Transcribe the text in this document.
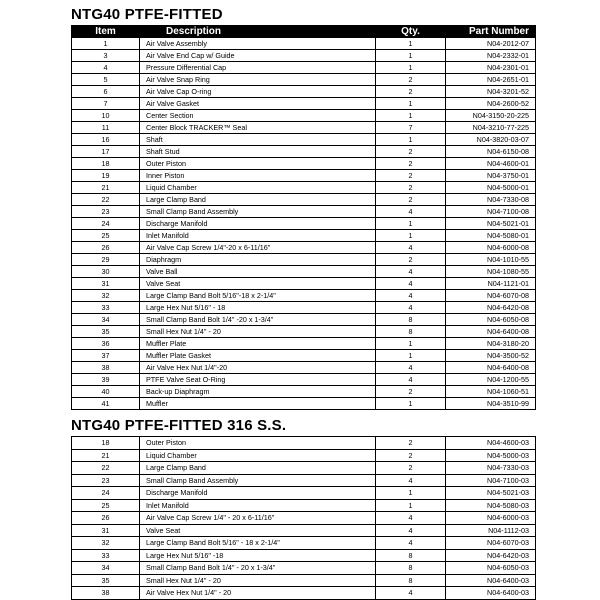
NTG40 PTFE-FITTED
Item	Description	Qty.	Part Number
1	Air Valve Assembly	1	N04-2012-07
3	Air Valve End Cap w/ Guide	1	N04-2332-01
4	Pressure Differential Cap	1	N04-2301-01
5	Air Valve Snap Ring	2	N04-2651-01
6	Air Valve Cap O-ring	2	N04-3201-52
7	Air Valve Gasket	1	N04-2600-52
10	Center Section	1	N04-3150-20-225
11	Center Block TRACKER™ Seal	7	N04-3210-77-225
16	Shaft	1	N04-3820-03-07
17	Shaft Stud	2	N04-6150-08
18	Outer Piston	2	N04-4600-01
19	Inner Piston	2	N04-3750-01
21	Liquid Chamber	2	N04-5000-01
22	Large Clamp Band	2	N04-7330-08
23	Small Clamp Band Assembly	4	N04-7100-08
24	Discharge Manifold	1	N04-5021-01
25	Inlet Manifold	1	N04-5080-01
26	Air Valve Cap Screw 1/4"-20 x 6-11/16"	4	N04-6000-08
29	Diaphragm	2	N04-1010-55
30	Valve Ball	4	N04-1080-55
31	Valve Seat	4	N04-1121-01
32	Large Clamp Band Bolt 5/16"-18 x 2-1/4"	4	N04-6070-08
33	Large Hex Nut 5/16" - 18	4	N04-6420-08
34	Small Clamp Band Bolt 1/4" -20 x 1-3/4"	8	N04-6050-08
35	Small Hex Nut 1/4" - 20	8	N04-6400-08
36	Muffler Plate	1	N04-3180-20
37	Muffler Plate Gasket	1	N04-3500-52
38	Air Valve Hex Nut 1/4"-20	4	N04-6400-08
39	PTFE Valve Seat O-Ring	4	N04-1200-55
40	Back-up Diaphragm	2	N04-1060-51
41	Muffler	1	N04-3510-99
NTG40 PTFE-FITTED 316 S.S.
18	Outer Piston	2	N04-4600-03
21	Liquid Chamber	2	N04-5000-03
22	Large Clamp Band	2	N04-7330-03
23	Small Clamp Band Assembly	4	N04-7100-03
24	Discharge Manifold	1	N04-5021-03
25	Inlet Manifold	1	N04-5080-03
26	Air Valve Cap Screw 1/4" - 20 x 6-11/16"	4	N04-6000-03
31	Valve Seat	4	N04-1112-03
32	Large Clamp Band Bolt 5/16" - 18 x 2-1/4"	4	N04-6070-03
33	Large Hex Nut 5/16" -18	8	N04-6420-03
34	Small Clamp Band Bolt 1/4" - 20 x 1-3/4"	8	N04-6050-03
35	Small Hex Nut 1/4" - 20	8	N04-6400-03
38	Air Valve Hex Nut 1/4" - 20	4	N04-6400-03
